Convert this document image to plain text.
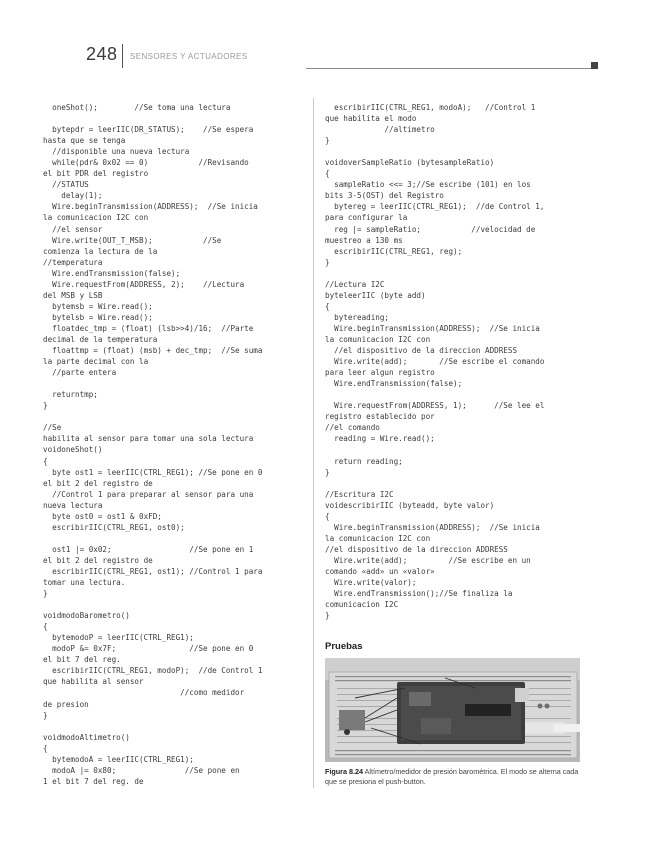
248 SENSORES Y ACTUADORES
oneShot();        //Se toma una lectura
bytepdr = leerIIC(DR_STATUS);    //Se espera
hasta que se tenga
//disponible una nueva lectura
while(pdr& 0x02 == 0)           //Revisando
el bit PDR del registro
//STATUS
delay(1);
Wire.beginTransmission(ADDRESS);  //Se inicia
la comunicacion I2C con
//el sensor
Wire.write(OUT_T_MSB);           //Se
comienza la lectura de la
//temperatura
Wire.endTransmission(false);
Wire.requestFrom(ADDRESS, 2);    //Lectura
del MSB y LSB
bytemsb = Wire.read();
bytelsb = Wire.read();
floatdec_tmp = (float) (lsb>>4)/16;  //Parte
decimal de la temperatura
floattmp = (float) (msb) + dec_tmp;  //Se suma
la parte decimal con la
//parte entera
returntmp;
}
//Se
habilita al sensor para tomar una sola lectura
voidoneShot()
{
byte ost1 = leerIIC(CTRL_REG1); //Se pone en 0
el bit 2 del registro de
//Control 1 para preparar al sensor para una
nueva lectura
byte ost0 = ost1 & 0xFD;
escribirIIC(CTRL_REG1, ost0);
ost1 |= 0x02;                 //Se pone en 1
el bit 2 del registro de
escribirIIC(CTRL_REG1, ost1); //Control 1 para
tomar una lectura.
}
voidmodoBarometro()
{
bytemodoP = leerIIC(CTRL_REG1);
modoP &= 0x7F;                //Se pone en 0
el bit 7 del reg.
escribirIIC(CTRL_REG1, modoP);  //de Control 1
que habilita al sensor
//como medidor
de presion
}
voidmodoAltimetro()
{
bytemodoA = leerIIC(CTRL_REG1);
modoA |= 0x80;               //Se pone en
1 el bit 7 del reg. de
escribirIIC(CTRL_REG1, modoA);   //Control 1
que habilita el modo
//altimetro
}
voidoverSampleRatio (bytesampleRatio)
{
sampleRatio <<= 3;//Se escribe (101) en los
bits 3-5(OST) del Registro
bytereg = leerIIC(CTRL_REG1);  //de Control 1,
para configurar la
reg |= sampleRatio;           //velocidad de
muestreo a 130 ms
escribirIIC(CTRL_REG1, reg);
}
//Lectura I2C
byteleerIIC (byte add)
{
bytereading;
Wire.beginTransmission(ADDRESS);  //Se inicia
la comunicacion I2C con
//el dispositivo de la direccion ADDRESS
Wire.write(add);       //Se escribe el comando
para leer algun registro
Wire.endTransmission(false);
Wire.requestFrom(ADDRESS, 1);      //Se lee el
registro establecido por
//el comando
reading = Wire.read();
return reading;
}
//Escritura I2C
voidescribirIIC (byteadd, byte valor)
{
Wire.beginTransmission(ADDRESS);  //Se inicia
la comunicacion I2C con
//el dispositivo de la direccion ADDRESS
Wire.write(add);         //Se escribe en un
comando «add» un «valor»
Wire.write(valor);
Wire.endTransmission();//Se finaliza la
comunicacion I2C
}
Pruebas
Figura 8.24 Altímetro/medidor de presión barométrica. El modo se alterna cada que se presiona el push-button.
